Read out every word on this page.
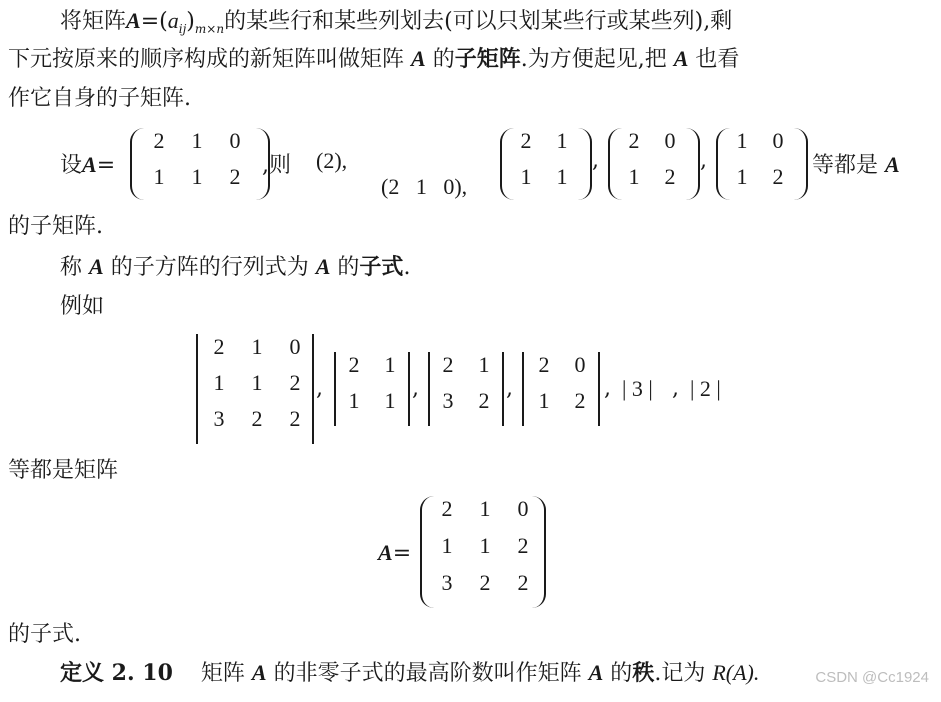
将矩阵$A=(a_{ij})_{m\times n}$的某些行和某些列划去(可以只划某些行或某些列),剩
下元按原来的顺序构成的新矩阵叫做矩阵 A 的子矩阵.为方便起见,把 A 也看
作它自身的子矩阵.
设A=
2	1	0
1	1	2 ,则 (2),

(2   1   0),

2	1
1	1
,
2	0
1	2
,
1	0
1	2	等都是 A
的子矩阵.
称 A 的子方阵的行列式为 A 的子式.
例如
2	1	0
1	1	2
3	2	2
,
2	1
1	1 ,
2	1
3	2 ,
2	0
1	2 , | 3 | , | 2 |
等都是矩阵
A=
2	1	0
1	1	2
3	2	2
的子式.
定义 2. 10 矩阵 A 的非零子式的最高阶数叫作矩阵 A 的秩.记为 R(A).	CSDN @Cc1924
